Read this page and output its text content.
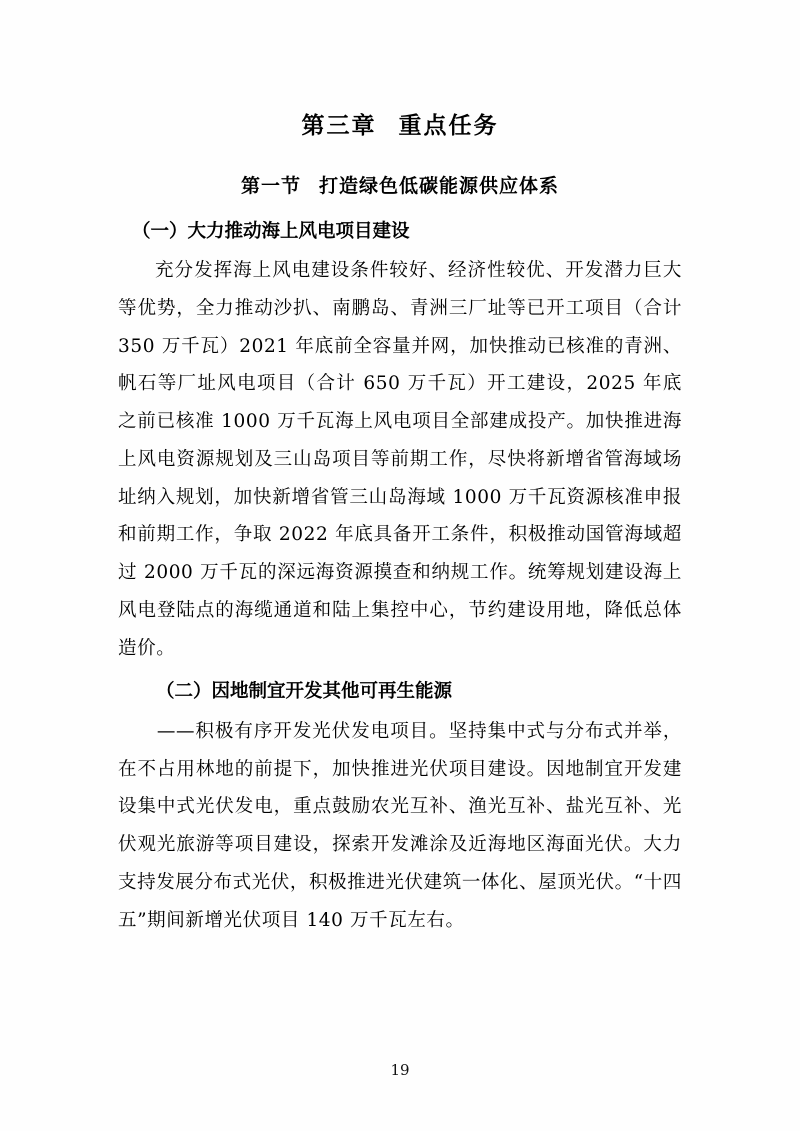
第三章 重点任务
第一节 打造绿色低碳能源供应体系
（一）大力推动海上风电项目建设

充分发挥海上风电建设条件较好、经济性较优、开发潜力巨大等优势，全力推动沙扒、南鹏岛、青洲三厂址等已开工项目（合计 350 万千瓦）2021 年底前全容量并网，加快推动已核准的青洲、帆石等厂址风电项目（合计 650 万千瓦）开工建设，2025 年底之前已核准 1000 万千瓦海上风电项目全部建成投产。加快推进海上风电资源规划及三山岛项目等前期工作，尽快将新增省管海域场址纳入规划，加快新增省管三山岛海域 1000 万千瓦资源核准申报和前期工作，争取 2022 年底具备开工条件，积极推动国管海域超过 2000 万千瓦的深远海资源摸查和纳规工作。统筹规划建设海上风电登陆点的海缆通道和陆上集控中心，节约建设用地，降低总体造价。

（二）因地制宜开发其他可再生能源

——积极有序开发光伏发电项目。坚持集中式与分布式并举，在不占用林地的前提下，加快推进光伏项目建设。因地制宜开发建设集中式光伏发电，重点鼓励农光互补、渔光互补、盐光互补、光伏观光旅游等项目建设，探索开发滩涂及近海地区海面光伏。大力支持发展分布式光伏，积极推进光伏建筑一体化、屋顶光伏。“十四五”期间新增光伏项目 140 万千瓦左右。

19
